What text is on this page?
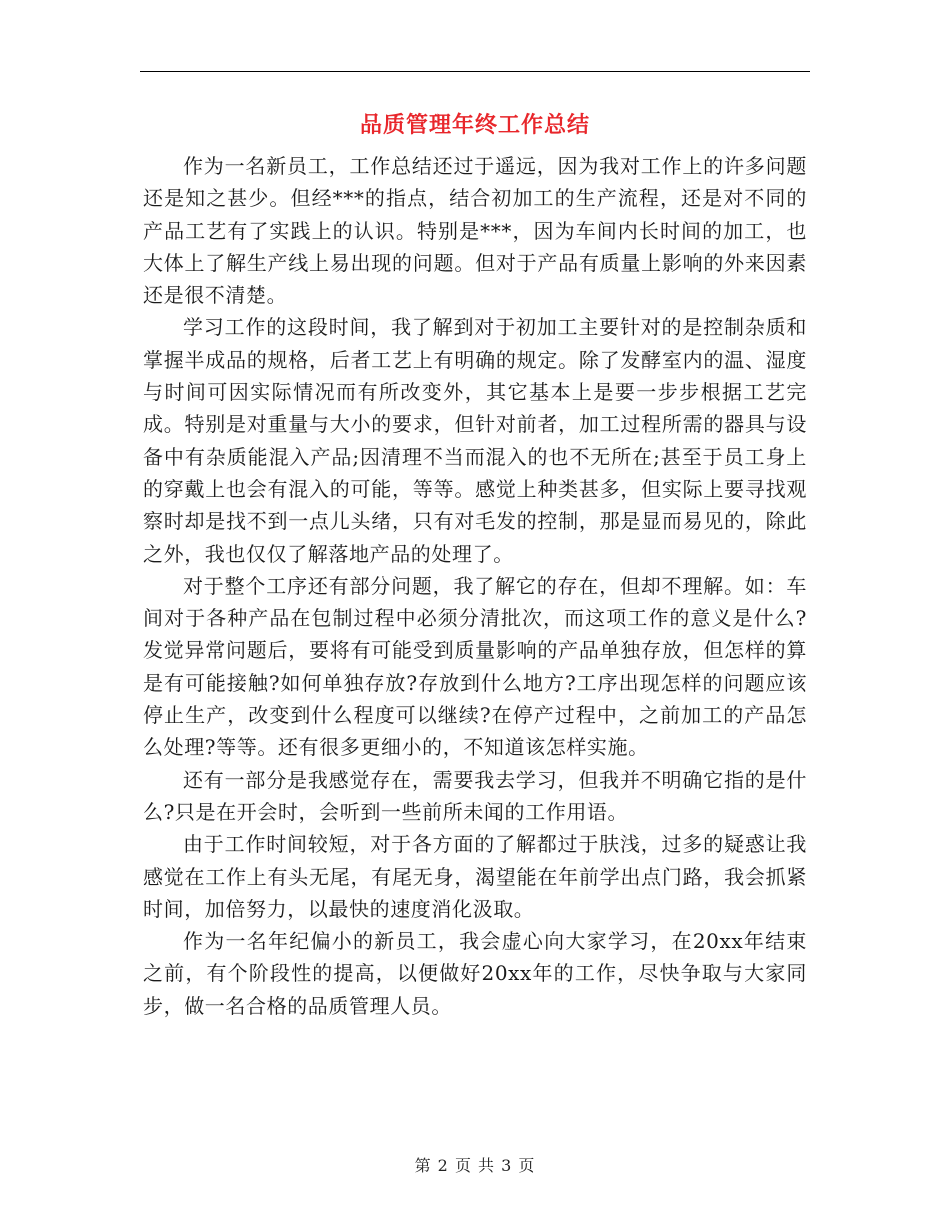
品质管理年终工作总结

作为一名新员工，工作总结还过于遥远，因为我对工作上的许多问题还是知之甚少。但经***的指点，结合初加工的生产流程，还是对不同的产品工艺有了实践上的认识。特别是***，因为车间内长时间的加工，也大体上了解生产线上易出现的问题。但对于产品有质量上影响的外来因素还是很不清楚。

学习工作的这段时间，我了解到对于初加工主要针对的是控制杂质和掌握半成品的规格，后者工艺上有明确的规定。除了发酵室内的温、湿度与时间可因实际情况而有所改变外，其它基本上是要一步步根据工艺完成。特别是对重量与大小的要求，但针对前者，加工过程所需的器具与设备中有杂质能混入产品;因清理不当而混入的也不无所在;甚至于员工身上的穿戴上也会有混入的可能，等等。感觉上种类甚多，但实际上要寻找观察时却是找不到一点儿头绪，只有对毛发的控制，那是显而易见的，除此之外，我也仅仅了解落地产品的处理了。

对于整个工序还有部分问题，我了解它的存在，但却不理解。如：车间对于各种产品在包制过程中必须分清批次，而这项工作的意义是什么?发觉异常问题后，要将有可能受到质量影响的产品单独存放，但怎样的算是有可能接触?如何单独存放?存放到什么地方?工序出现怎样的问题应该停止生产，改变到什么程度可以继续?在停产过程中，之前加工的产品怎么处理?等等。还有很多更细小的，不知道该怎样实施。

还有一部分是我感觉存在，需要我去学习，但我并不明确它指的是什么?只是在开会时，会听到一些前所未闻的工作用语。

由于工作时间较短，对于各方面的了解都过于肤浅，过多的疑惑让我感觉在工作上有头无尾，有尾无身，渴望能在年前学出点门路，我会抓紧时间，加倍努力，以最快的速度消化汲取。

作为一名年纪偏小的新员工，我会虚心向大家学习，在20xx年结束之前，有个阶段性的提高，以便做好20xx年的工作，尽快争取与大家同步，做一名合格的品质管理人员。

第 2 页 共 3 页
